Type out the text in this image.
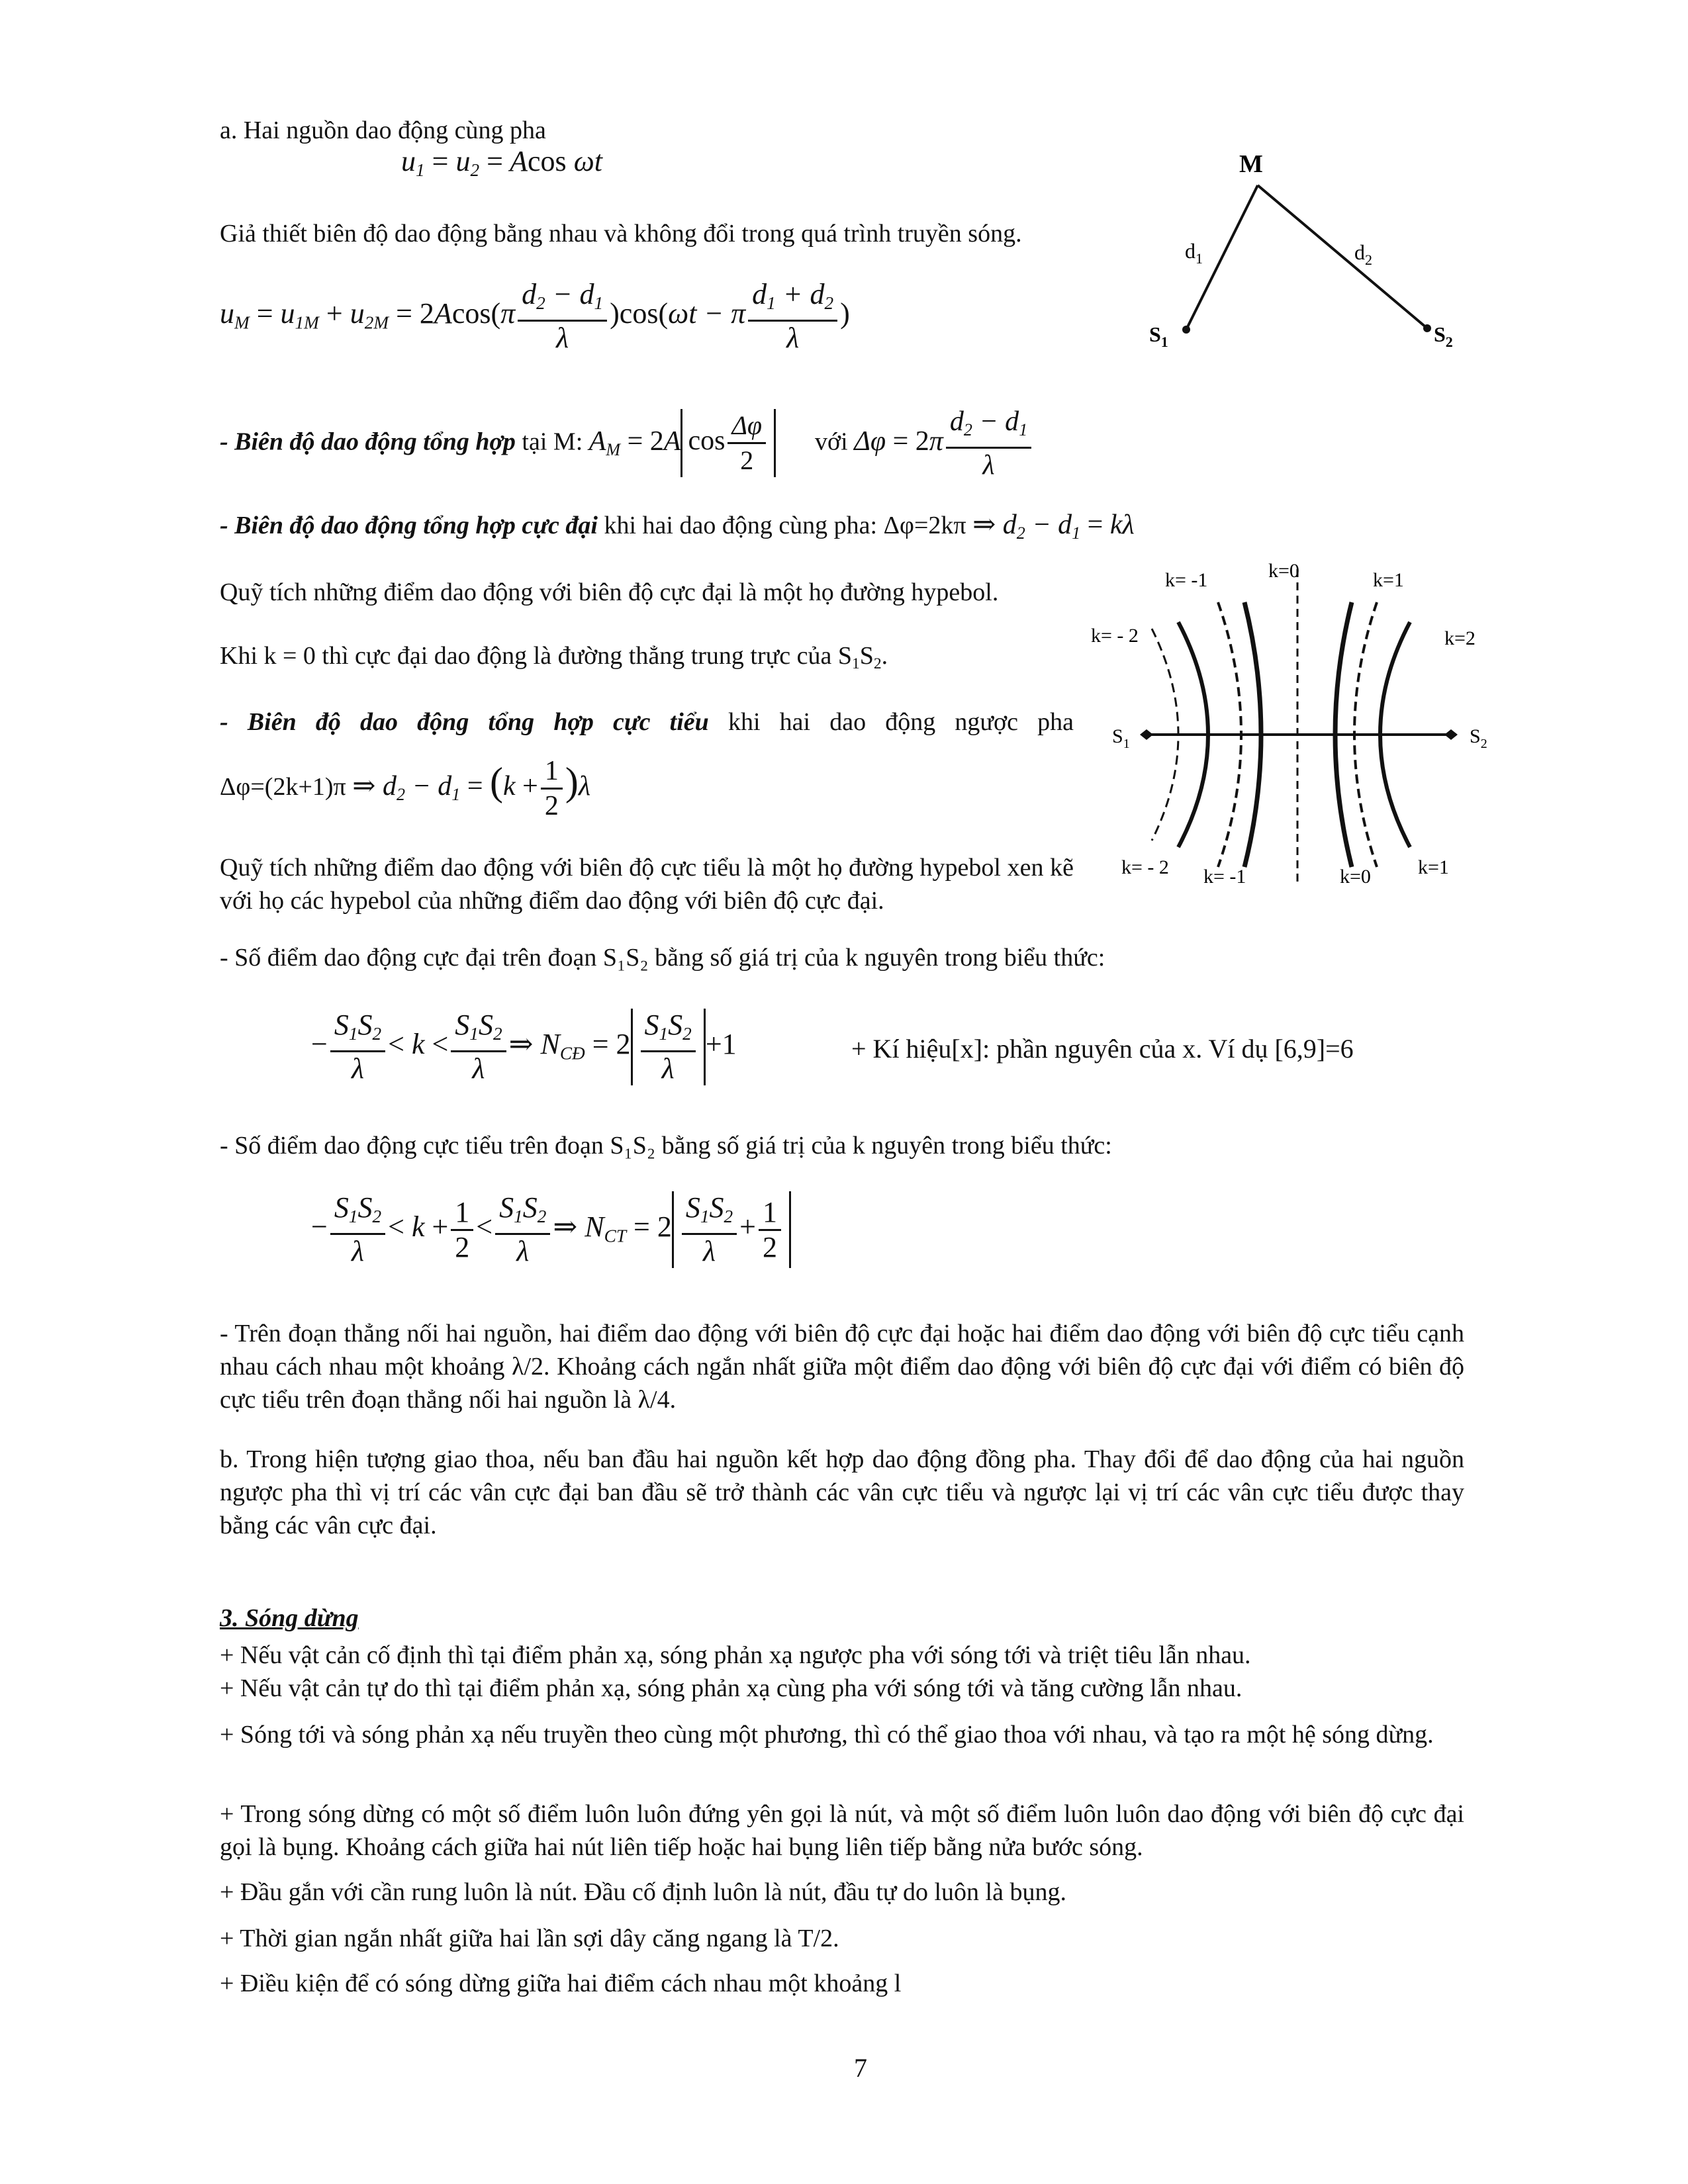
a. Hai nguồn dao động cùng pha
$u_1 = u_2 = Acos$ ωt
Giả thiết biên độ dao động bằng nhau và không đổi trong quá trình truyền sóng.
$u_M = u_{1M} + u_{2M} = 2Acos(\pi \frac{d_2 - d_1}{\lambda} )\cos(\omega t - \pi \frac{d_1 + d_2}{\lambda}$ )
M
$d_1$	$d_2$
$S_1$	$S_2$
- Biên độ dao động tổng hợp tại M: $A_M = 2A$ $\cos \frac{\Delta\varphi}{2}$ với $\Delta\varphi = 2\pi \frac{d_2 - d_1}{\lambda}$
- Biên độ dao động tổng hợp cực đại khi hai dao động cùng pha: Δφ=2kπ ⇒ $d_2 - d_1 = k\lambda$
Quỹ tích những điểm dao động với biên độ cực đại là một họ đường hypebol.
Khi k = 0 thì cực đại dao động là đường thẳng trung trực của $S_1S_2$.
- Biên độ dao động tổng hợp cực tiểu khi hai dao động ngược pha
Δφ=(2k+1)π ⇒ $d_2 - d_1 = (k + \frac{1}{2} )\lambda$
k= -1	k=0	k=1
k= - 2	k=2
$S_1$	$S_2$
k= - 2 k= -1	k=0 k=1
Quỹ tích những điểm dao động với biên độ cực tiểu là một họ đường hypebol xen kẽ với họ các hypebol của những điểm dao động với biên độ cực đại.
- Số điểm dao động cực đại trên đoạn S₁S₂ bằng số giá trị của k nguyên trong biểu thức:
− $\frac{S_1S_2}{\lambda} < k < \frac{S_1S_2}{\lambda}$ ⇒ $N_{CĐ} = 2 \frac{S_1S_2}{\lambda} +1$	+ Kí hiệu[x]: phần nguyên của x. Ví dụ [6,9]=6
- Số điểm dao động cực tiểu trên đoạn S₁S₂ bằng số giá trị của k nguyên trong biểu thức:
− $\frac{S_1S_2}{\lambda} < k + \frac{1}{2} < \frac{S_1S_2}{\lambda}$ ⇒ $N_{CT} = 2 \frac{S_1S_2}{\lambda} + \frac{1}{2}$
- Trên đoạn thẳng nối hai nguồn, hai điểm dao động với biên độ cực đại hoặc hai điểm dao động với biên độ cực tiểu cạnh nhau cách nhau một khoảng λ/2. Khoảng cách ngắn nhất giữa một điểm dao động với biên độ cực đại với điểm có biên độ cực tiểu trên đoạn thẳng nối hai nguồn là λ/4.
b. Trong hiện tượng giao thoa, nếu ban đầu hai nguồn kết hợp dao động đồng pha. Thay đổi để dao động của hai nguồn ngược pha thì vị trí các vân cực đại ban đầu sẽ trở thành các vân cực tiểu và ngược lại vị trí các vân cực tiểu được thay bằng các vân cực đại.
3. Sóng dừng
+ Nếu vật cản cố định thì tại điểm phản xạ, sóng phản xạ ngược pha với sóng tới và triệt tiêu lẫn nhau.
+ Nếu vật cản tự do thì tại điểm phản xạ, sóng phản xạ cùng pha với sóng tới và tăng cường lẫn nhau.
+ Sóng tới và sóng phản xạ nếu truyền theo cùng một phương, thì có thể giao thoa với nhau, và tạo ra một hệ sóng dừng.
+ Trong sóng dừng có một số điểm luôn luôn đứng yên gọi là nút, và một số điểm luôn luôn dao động với biên độ cực đại gọi là bụng. Khoảng cách giữa hai nút liên tiếp hoặc hai bụng liên tiếp bằng nửa bước sóng.
+ Đầu gắn với cần rung luôn là nút. Đầu cố định luôn là nút, đầu tự do luôn là bụng.
+ Thời gian ngắn nhất giữa hai lần sợi dây căng ngang là T/2.
+ Điều kiện để có sóng dừng giữa hai điểm cách nhau một khoảng l
7
